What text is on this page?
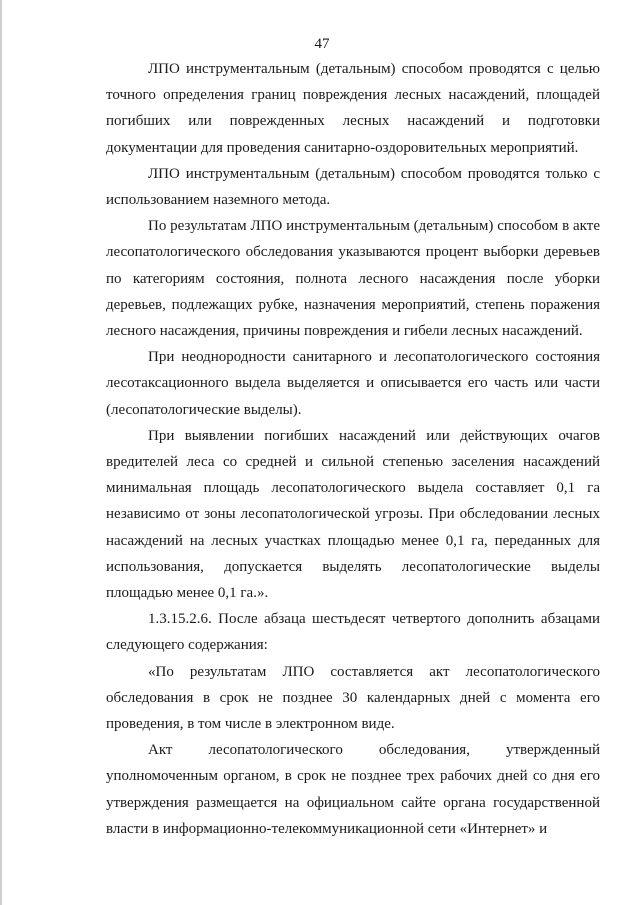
47

ЛПО инструментальным (детальным) способом проводятся с целью точного определения границ повреждения лесных насаждений, площадей погибших или поврежденных лесных насаждений и подготовки документации для проведения санитарно-оздоровительных мероприятий.

ЛПО инструментальным (детальным) способом проводятся только с использованием наземного метода.

По результатам ЛПО инструментальным (детальным) способом в акте лесопатологического обследования указываются процент выборки деревьев по категориям состояния, полнота лесного насаждения после уборки деревьев, подлежащих рубке, назначения мероприятий, степень поражения лесного насаждения, причины повреждения и гибели лесных насаждений.

При неоднородности санитарного и лесопатологического состояния лесотаксационного выдела выделяется и описывается его часть или части (лесопатологические выделы).

При выявлении погибших насаждений или действующих очагов вредителей леса со средней и сильной степенью заселения насаждений минимальная площадь лесопатологического выдела составляет 0,1 га независимо от зоны лесопатологической угрозы. При обследовании лесных насаждений на лесных участках площадью менее 0,1 га, переданных для использования, допускается выделять лесопатологические выделы площадью менее 0,1 га.».

1.3.15.2.6. После абзаца шестьдесят четвертого дополнить абзацами следующего содержания:

«По результатам ЛПО составляется акт лесопатологического обследования в срок не позднее 30 календарных дней с момента его проведения, в том числе в электронном виде.

Акт лесопатологического обследования, утвержденный уполномоченным органом, в срок не позднее трех рабочих дней со дня его утверждения размещается на официальном сайте органа государственной власти в информационно-телекоммуникационной сети «Интернет» и
